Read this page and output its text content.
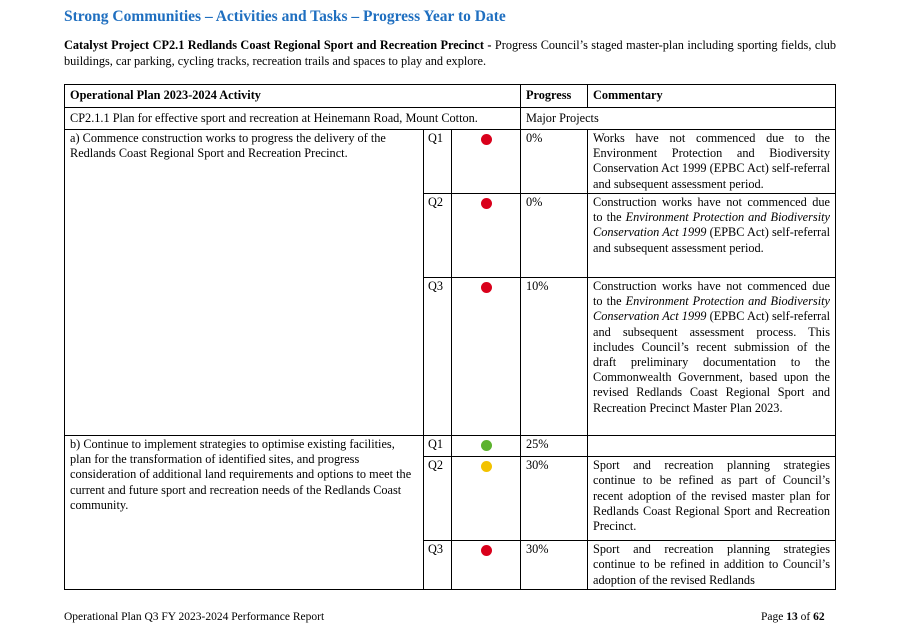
Strong Communities – Activities and Tasks – Progress Year to Date

Catalyst Project CP2.1 Redlands Coast Regional Sport and Recreation Precinct - Progress Council’s staged master-plan including sporting fields, club buildings, car parking, cycling tracks, recreation trails and spaces to play and explore.

Operational Plan 2023-2024 Activity			Progress	Commentary
CP2.1.1 Plan for effective sport and recreation at Heinemann Road, Mount Cotton.			Major Projects	
a) Commence construction works to progress the delivery of the Redlands Coast Regional Sport and Recreation Precinct.	Q1		0%	Works have not commenced due to the Environment Protection and Biodiversity Conservation Act 1999 (EPBC Act) self-referral and subsequent assessment period.
	Q2		0%	Construction works have not commenced due to the Environment Protection and Biodiversity Conservation Act 1999 (EPBC Act) self-referral and subsequent assessment period.
	Q3		10%	Construction works have not commenced due to the Environment Protection and Biodiversity Conservation Act 1999 (EPBC Act) self-referral and subsequent assessment process. This includes Council’s recent submission of the draft preliminary documentation to the Commonwealth Government, based upon the revised Redlands Coast Regional Sport and Recreation Precinct Master Plan 2023.
b) Continue to implement strategies to optimise existing facilities, plan for the transformation of identified sites, and progress consideration of additional land requirements and options to meet the current and future sport and recreation needs of the Redlands Coast community.	Q1		25%	
	Q2		30%	Sport and recreation planning strategies continue to be refined as part of Council’s recent adoption of the revised master plan for Redlands Coast Regional Sport and Recreation Precinct.
	Q3		30%	Sport and recreation planning strategies continue to be refined in addition to Council’s adoption of the revised Redlands
Operational Plan Q3 FY 2023-2024 Performance Report	Page 13 of 62
